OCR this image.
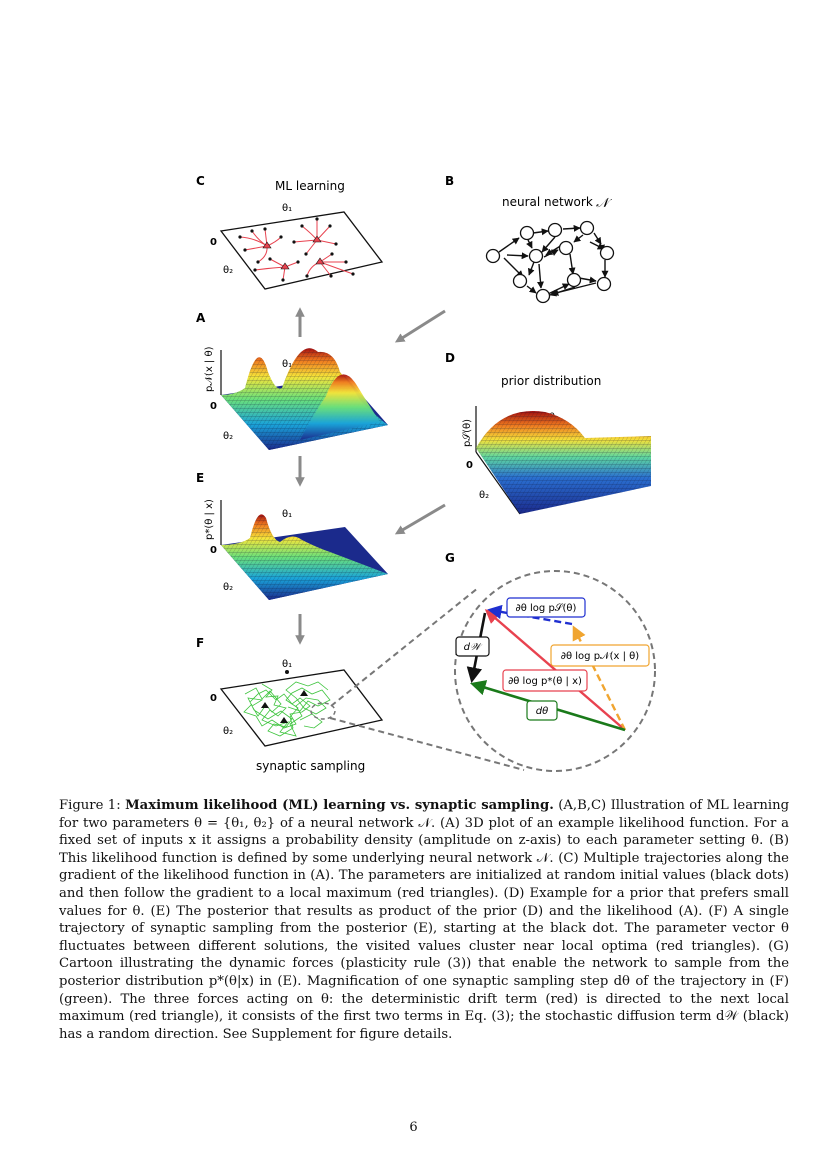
C	ML learning
θ₁
0
θ₂
B
neural network 𝒩
A
p𝒩(x | θ)	θ₁
0
θ₂
D
prior distribution
p𝒮(θ)
0
θ₂
E
p*(θ | x)	θ₁
0
θ₂
F
θ₁
0
θ₂
synaptic sampling
G
∂θ log p𝒮(θ)
∂θ log p𝒩(x | θ)
∂θ log p*(θ | x)
d𝒲
dθ
Figure 1: Maximum likelihood (ML) learning vs. synaptic sampling. (A,B,C) Illustration of ML learning for two parameters θ = {θ₁, θ₂} of a neural network 𝒩. (A) 3D plot of an example likelihood function. For a fixed set of inputs x it assigns a probability density (amplitude on z-axis) to each parameter setting θ. (B) This likelihood function is defined by some underlying neural network 𝒩. (C) Multiple trajectories along the gradient of the likelihood function in (A). The parameters are initialized at random initial values (black dots) and then follow the gradient to a local maximum (red triangles). (D) Example for a prior that prefers small values for θ. (E) The posterior that results as product of the prior (D) and the likelihood (A). (F) A single trajectory of synaptic sampling from the posterior (E), starting at the black dot. The parameter vector θ fluctuates between different solutions, the visited values cluster near local optima (red triangles). (G) Cartoon illustrating the dynamic forces (plasticity rule (3)) that enable the network to sample from the posterior distribution p*(θ|x) in (E). Magnification of one synaptic sampling step dθ of the trajectory in (F) (green). The three forces acting on θ: the deterministic drift term (red) is directed to the next local maximum (red triangle), it consists of the first two terms in Eq. (3); the stochastic diffusion term d𝒲 (black) has a random direction. See Supplement for figure details.
6
